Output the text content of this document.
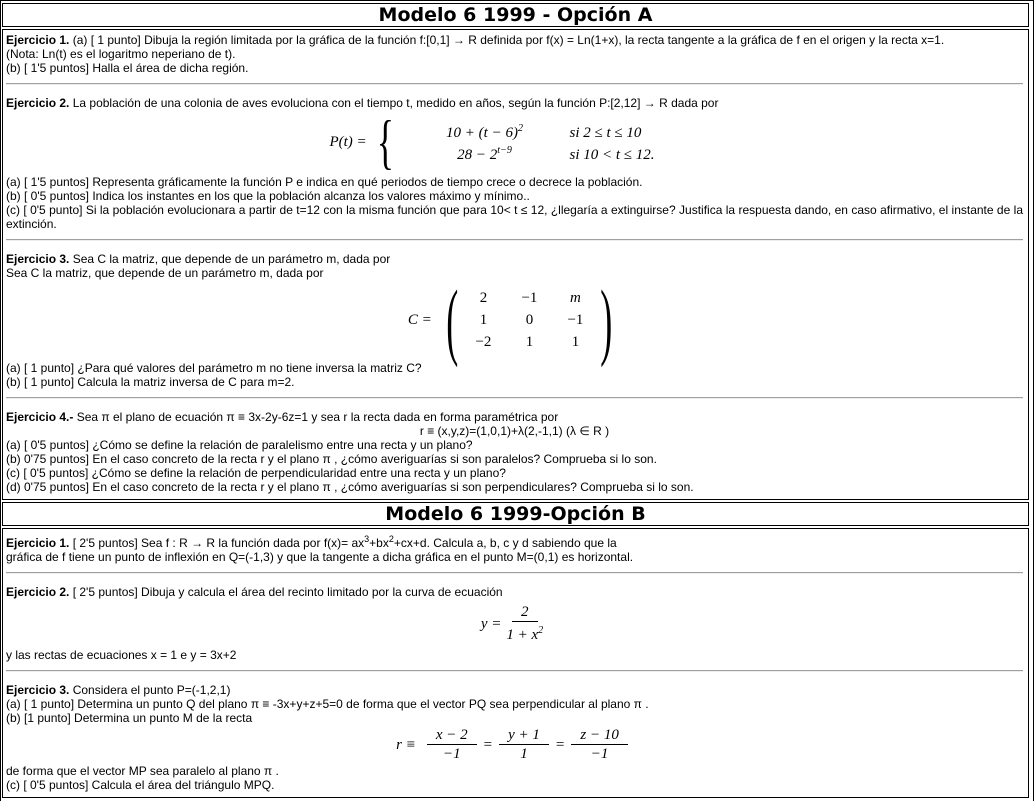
Modelo 6 1999 - Opción A

Ejercicio 1. (a) [ 1 punto] Dibuja la región limitada por la gráfica de la función f:[0,1] → R definida por f(x) = Ln(1+x), la recta tangente a la gráfica de f en el origen y la recta x=1.

(Nota: Ln(t) es el logaritmo neperiano de t).

(b) [ 1'5 puntos] Halla el área de dicha región.

Ejercicio 2. La población de una colonia de aves evoluciona con el tiempo t, medido en años, según la función P:[2,12] → R dada por

P(t) = {	$10 + (t - 6)^2$	si 2 ≤ t ≤ 10
$28 - 2^{t-9}$	si 10 < t ≤ 12.

(a) [ 1'5 puntos] Representa gráficamente la función P e indica en qué periodos de tiempo crece o decrece la población.

(b) [ 0'5 puntos] Indica los instantes en los que la población alcanza los valores máximo y mínimo..

(c) [ 0'5 punto] Si la población evolucionara a partir de t=12 con la misma función que para 10< t ≤ 12, ¿llegaría a extinguirse? Justifica la respuesta dando, en caso afirmativo, el instante de la extinción.

Ejercicio 3. Sea C la matriz, que depende de un parámetro m, dada por

Sea C la matriz, que depende de un parámetro m, dada por

C = (	2	−1	m
1	0	−1
−2	1	1 )

(a) [ 1 punto] ¿Para qué valores del parámetro m no tiene inversa la matriz C?

(b) [ 1 punto] Calcula la matriz inversa de C para m=2.

Ejercicio 4.- Sea π el plano de ecuación π ≡ 3x-2y-6z=1 y sea r la recta dada en forma paramétrica por

r ≡ (x,y,z)=(1,0,1)+λ(2,-1,1) (λ ∈ R )

(a) [ 0'5 puntos] ¿Cómo se define la relación de paralelismo entre una recta y un plano?

(b) 0'75 puntos] En el caso concreto de la recta r y el plano π , ¿cómo averiguarías si son paralelos? Comprueba si lo son.

(c) [ 0'5 puntos] ¿Cómo se define la relación de perpendicularidad entre una recta y un plano?

(d) 0'75 puntos] En el caso concreto de la recta r y el plano π , ¿cómo averiguarías si son perpendiculares? Comprueba si lo son.

Modelo 6 1999-Opción B

Ejercicio 1. [ 2'5 puntos] Sea f : R → R la función dada por $f(x)= ax^3+bx^2+cx+d$. Calcula a, b, c y d sabiendo que la

gráfica de f tiene un punto de inflexión en Q=(-1,3) y que la tangente a dicha gráfica en el punto M=(0,1) es horizontal.

Ejercicio 2. [ 2'5 puntos] Dibuja y calcula el área del recinto limitado por la curva de ecuación

$y = \frac{2}{1 + x^2}$

y las rectas de ecuaciones x = 1 e y = 3x+2

Ejercicio 3. Considera el punto P=(-1,2,1)

(a) [ 1 punto] Determina un punto Q del plano π ≡ -3x+y+z+5=0 de forma que el vector PQ sea perpendicular al plano π .

(b) [1 punto] Determina un punto M de la recta

$r \equiv \frac{x - 2}{-1} = \frac{y + 1}{1} = \frac{z - 10}{-1}$

de forma que el vector MP sea paralelo al plano π .

(c) [ 0'5 puntos] Calcula el área del triángulo MPQ.
